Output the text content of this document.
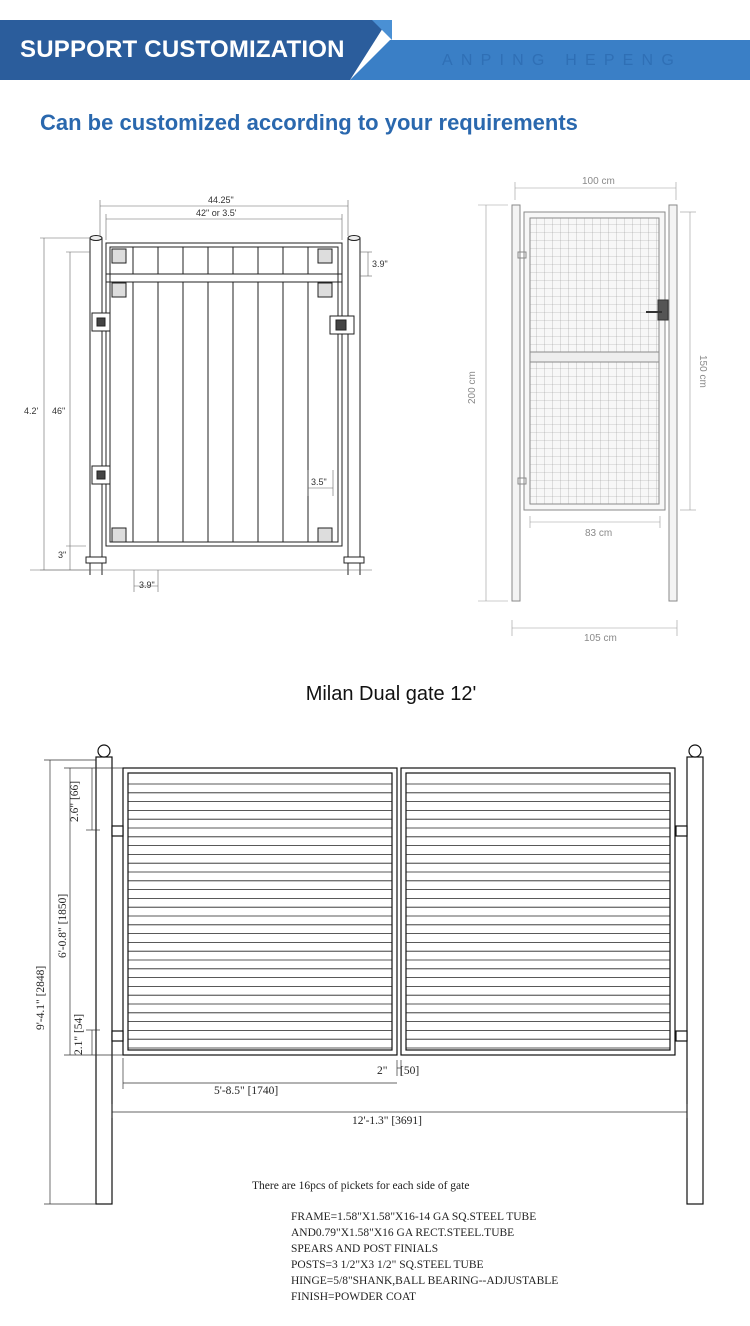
SUPPORT CUSTOMIZATION	ANPING HEPENG
Can be customized according to your requirements
44.25"
42" or 3.5'
3.9"
4.2' 46"
3.5"
3"
3.9"
100 cm
200 cm	150 cm
83 cm
105 cm
Milan Dual gate 12'
2.6" [66]
6'-0.8" [1850]
9'-4.1" [2848]
2.1" [54]
2" [50]
5'-8.5" [1740]
12'-1.3" [3691]
There are 16pcs of pickets for each side of gate
FRAME=1.58"X1.58"X16-14 GA SQ.STEEL TUBE
AND0.79"X1.58"X16 GA RECT.STEEL.TUBE
SPEARS AND POST FINIALS
POSTS=3 1/2"X3 1/2" SQ.STEEL TUBE
HINGE=5/8"SHANK,BALL BEARING--ADJUSTABLE
FINISH=POWDER COAT
